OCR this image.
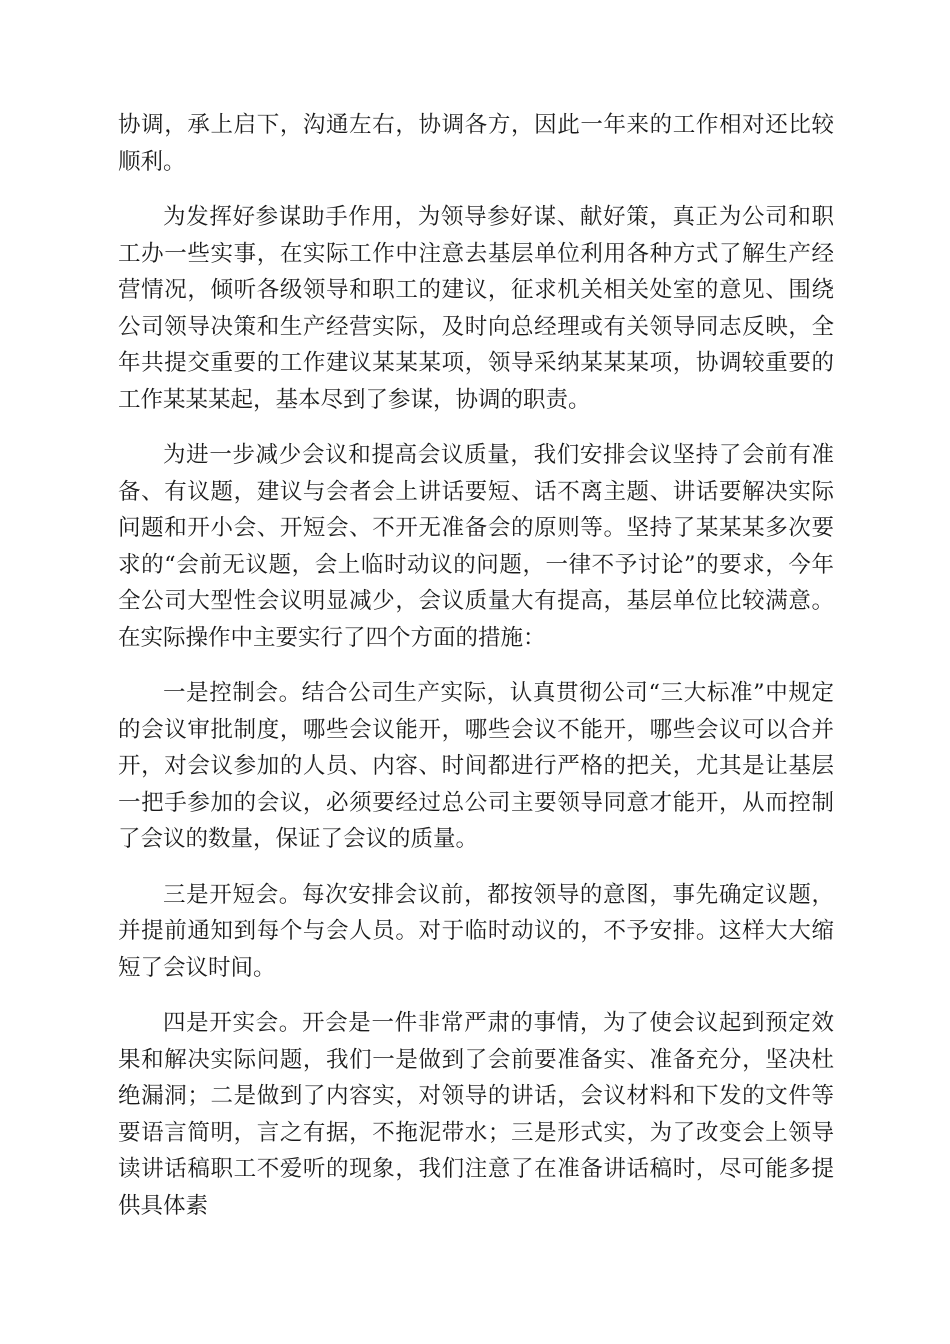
协调，承上启下，沟通左右，协调各方，因此一年来的工作相对还比较顺利。

为发挥好参谋助手作用，为领导参好谋、献好策，真正为公司和职工办一些实事，在实际工作中注意去基层单位利用各种方式了解生产经营情况，倾听各级领导和职工的建议，征求机关相关处室的意见、围绕公司领导决策和生产经营实际，及时向总经理或有关领导同志反映，全年共提交重要的工作建议某某某项，领导采纳某某某项，协调较重要的工作某某某起，基本尽到了参谋，协调的职责。

为进一步减少会议和提高会议质量，我们安排会议坚持了会前有准备、有议题，建议与会者会上讲话要短、话不离主题、讲话要解决实际问题和开小会、开短会、不开无准备会的原则等。坚持了某某某多次要求的“会前无议题，会上临时动议的问题，一律不予讨论”的要求，今年全公司大型性会议明显减少，会议质量大有提高，基层单位比较满意。在实际操作中主要实行了四个方面的措施：

一是控制会。结合公司生产实际，认真贯彻公司“三大标准”中规定的会议审批制度，哪些会议能开，哪些会议不能开，哪些会议可以合并开，对会议参加的人员、内容、时间都进行严格的把关，尤其是让基层一把手参加的会议，必须要经过总公司主要领导同意才能开，从而控制了会议的数量，保证了会议的质量。

三是开短会。每次安排会议前，都按领导的意图，事先确定议题，并提前通知到每个与会人员。对于临时动议的，不予安排。这样大大缩短了会议时间。

四是开实会。开会是一件非常严肃的事情，为了使会议起到预定效果和解决实际问题，我们一是做到了会前要准备实、准备充分，坚决杜绝漏洞；二是做到了内容实，对领导的讲话，会议材料和下发的文件等要语言简明，言之有据，不拖泥带水；三是形式实，为了改变会上领导读讲话稿职工不爱听的现象，我们注意了在准备讲话稿时，尽可能多提供具体素
